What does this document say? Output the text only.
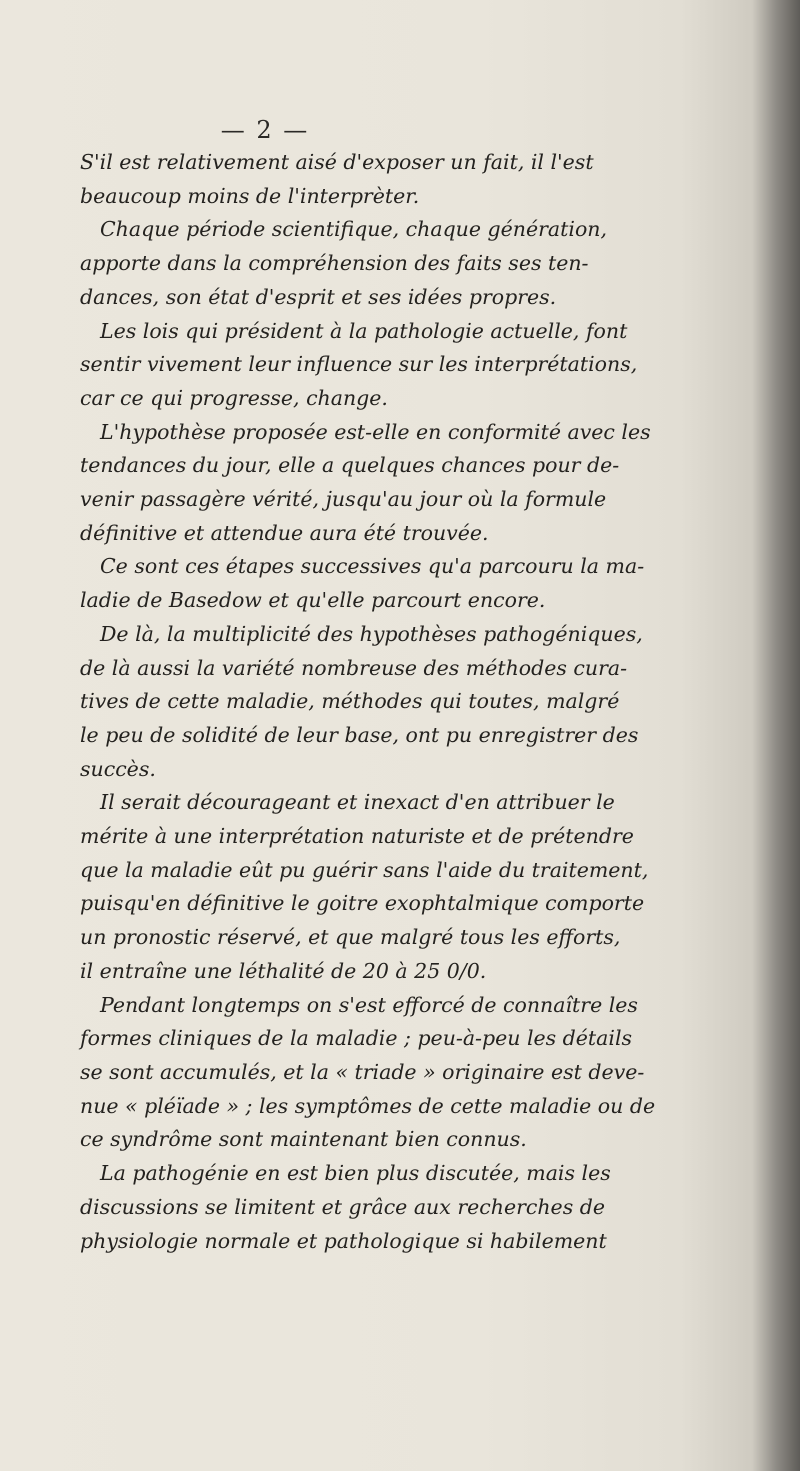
— 2 —
S'il est relativement aisé d'exposer un fait, il l'est
beaucoup moins de l'interprèter.
Chaque période scientifique, chaque génération,
apporte dans la compréhension des faits ses ten-
dances, son état d'esprit et ses idées propres.
Les lois qui président à la pathologie actuelle, font
sentir vivement leur influence sur les interprétations,
car ce qui progresse, change.
L'hypothèse proposée est-elle en conformité avec les
tendances du jour, elle a quelques chances pour de-
venir passagère vérité, jusqu'au jour où la formule
définitive et attendue aura été trouvée.
Ce sont ces étapes successives qu'a parcouru la ma-
ladie de Basedow et qu'elle parcourt encore.
De là, la multiplicité des hypothèses pathogéniques,
de là aussi la variété nombreuse des méthodes cura-
tives de cette maladie, méthodes qui toutes, malgré
le peu de solidité de leur base, ont pu enregistrer des
succès.
Il serait décourageant et inexact d'en attribuer le
mérite à une interprétation naturiste et de prétendre
que la maladie eût pu guérir sans l'aide du traitement,
puisqu'en définitive le goitre exophtalmique comporte
un pronostic réservé, et que malgré tous les efforts,
il entraîne une léthalité de 20 à 25 0/0.
Pendant longtemps on s'est efforcé de connaître les
formes cliniques de la maladie ; peu-à-peu les détails
se sont accumulés, et la « triade » originaire est deve-
nue « pléïade » ; les symptômes de cette maladie ou de
ce syndrôme sont maintenant bien connus.
La pathogénie en est bien plus discutée, mais les
discussions se limitent et grâce aux recherches de
physiologie normale et pathologique si habilement
